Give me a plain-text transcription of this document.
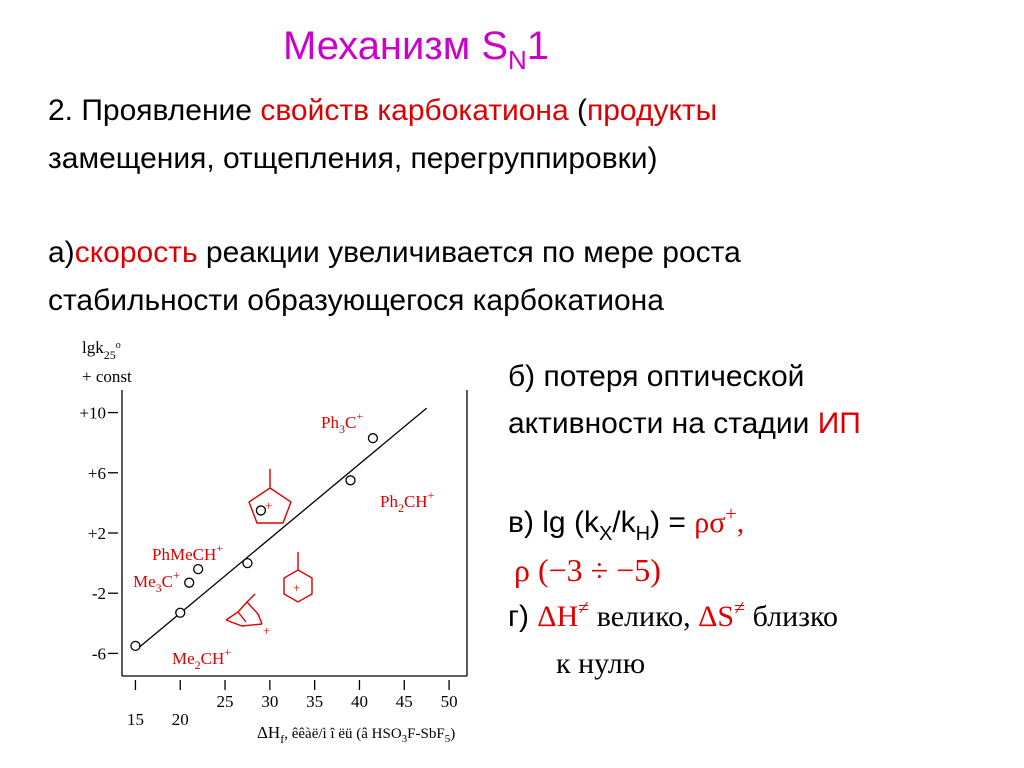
Механизм $S_N1$
2. Проявление свойств карбокатиона (продукты
замещения, отщепления, перегруппировки)
а)скорость реакции увеличивается по мере роста
стабильности образующегося карбокатиона
б) потеря оптической
активности на стадии ИП
в) $\lg (k_X/k_H) = \rho\sigma^+$,
ρ (−3 ÷ −5)
г) ΔH≠ велико, ΔS≠ близко
к нулю
lgk$_{25}^o$
+ const
+10
+6
+2
-2
-6
15 20
25 30 35 40 45 50
$Ph_3C^+$
$Ph_2CH^+$
PhMeCH+
$Me_3C^+$
$Me_2CH^+$
+
+
+
$\Delta H_f$, êêàë/ì î ëü (â $HSO_3F-SbF_5$)
